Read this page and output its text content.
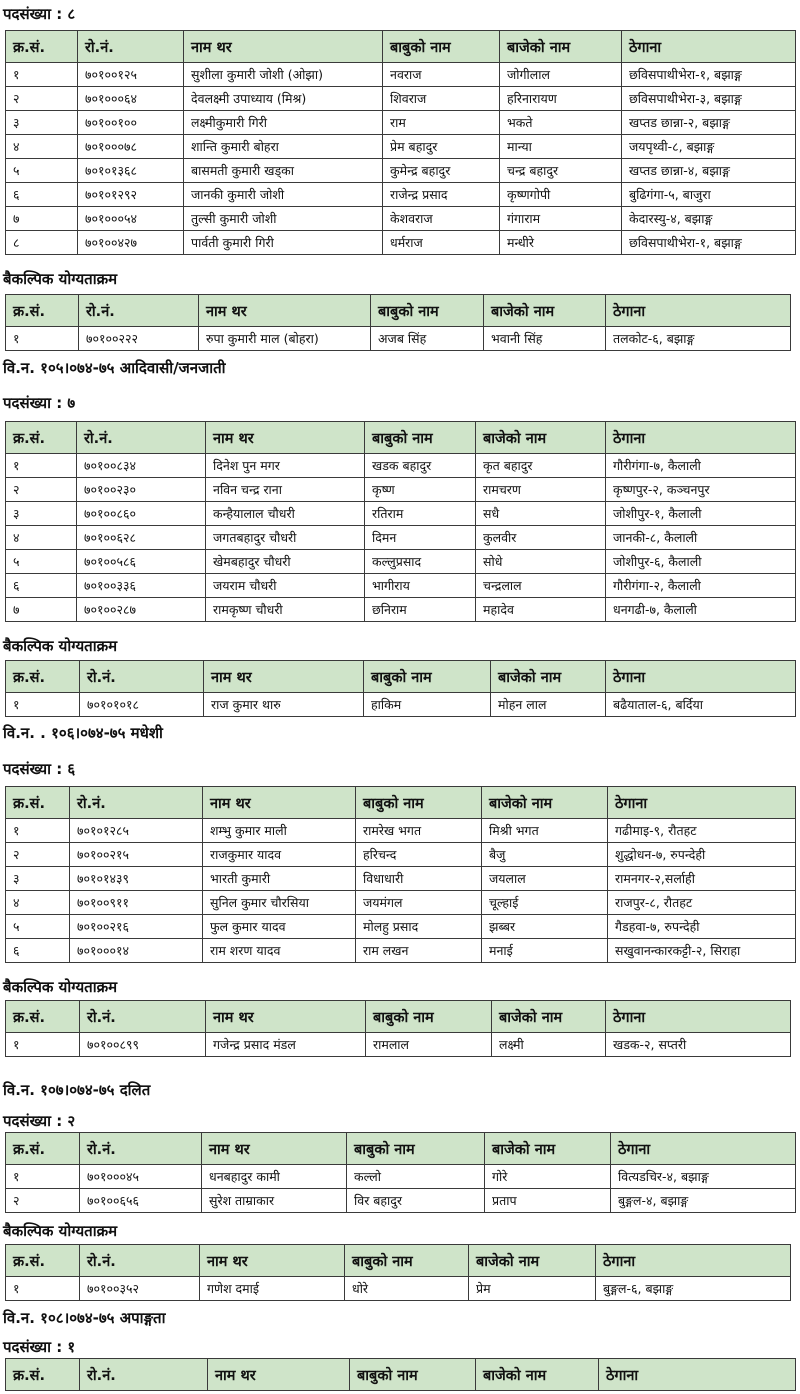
पदसंख्या : ८
क्र.सं.	रो.नं.	नाम थर	बाबुको नाम	बाजेको नाम	ठेगाना
१	७०१००१२५	सुशीला कुमारी जोशी (ओझा)	नवराज	जोगीलाल	छविसपाथीभेरा-१, बझाङ्ग
२	७०१०००६४	देवलक्ष्मी उपाध्याय (मिश्र)	शिवराज	हरिनारायण	छविसपाथीभेरा-३, बझाङ्ग
३	७०१००१००	लक्ष्मीकुमारी गिरी	राम	भकते	खप्तड छान्ना-२, बझाङ्ग
४	७०१०००७८	शान्ति कुमारी बोहरा	प्रेम बहादुर	मान्या	जयपृथ्वी-८, बझाङ्ग
५	७०१०१३६८	बासमती कुमारी खड्का	कुमेन्द्र बहादुर	चन्द्र बहादुर	खप्तड छान्ना-४, बझाङ्ग
६	७०१०१२९२	जानकी कुमारी जोशी	राजेन्द्र प्रसाद	कृष्णगोपी	बुढिगंगा-५, बाजुरा
७	७०१०००५४	तुल्सी कुमारी जोशी	केशवराज	गंगाराम	केदारस्यु-४, बझाङ्ग
८	७०१००४२७	पार्वती कुमारी गिरी	धर्मराज	मन्धीरे	छविसपाथीभेरा-१, बझाङ्ग
बैकल्पिक योग्यताक्रम
क्र.सं.	रो.नं.	नाम थर	बाबुको नाम	बाजेको नाम	ठेगाना
१	७०१००२२२	रुपा कुमारी माल (बोहरा)	अजब सिंह	भवानी सिंह	तलकोट-६, बझाङ्ग
वि.न. १०५।०७४-७५ आदिवासी/जनजाती
पदसंख्या : ७
क्र.सं.	रो.नं.	नाम थर	बाबुको नाम	बाजेको नाम	ठेगाना
१	७०१००८३४	दिनेश पुन मगर	खडक बहादुर	कृत बहादुर	गौरीगंगा-७, कैलाली
२	७०१००२३०	नविन चन्द्र राना	कृष्ण	रामचरण	कृष्णपुर-२, कञ्चनपुर
३	७०१००८६०	कन्हैयालाल चौधरी	रतिराम	सधै	जोशीपुर-१, कैलाली
४	७०१००६२८	जगतबहादुर चौधरी	दिमन	कुलवीर	जानकी-८, कैलाली
५	७०१००५८६	खेमबहादुर चौधरी	कल्लुप्रसाद	सोधे	जोशीपुर-६, कैलाली
६	७०१००३३६	जयराम चौधरी	भागीराय	चन्द्रलाल	गौरीगंगा-२, कैलाली
७	७०१००२८७	रामकृष्ण चौधरी	छनिराम	महादेव	धनगढी-७, कैलाली
बैकल्पिक योग्यताक्रम
क्र.सं.	रो.नं.	नाम थर	बाबुको नाम	बाजेको नाम	ठेगाना
१	७०१०१०१८	राज कुमार थारु	हाकिम	मोहन लाल	बढैयाताल-६, बर्दिया
वि.न. . १०६।०७४-७५ मधेशी
पदसंख्या : ६
क्र.सं.	रो.नं.	नाम थर	बाबुको नाम	बाजेको नाम	ठेगाना
१	७०१०१२८५	शम्भु कुमार माली	रामरेख भगत	मिश्री भगत	गढीमाइ-९, रौतहट
२	७०१००२१५	राजकुमार यादव	हरिचन्द	बैजु	शुद्धोधन-७, रुपन्देही
३	७०१०१४३९	भारती कुमारी	विधाधारी	जयलाल	रामनगर-२,सर्लाही
४	७०१००९११	सुनिल कुमार चौरसिया	जयमंगल	चूल्हाई	राजपुर-८, रौतहट
५	७०१००२१६	फुल कुमार यादव	मोलहु प्रसाद	झब्बर	गैडहवा-७, रुपन्देही
६	७०१०००१४	राम शरण यादव	राम लखन	मनाई	सखुवानन्कारकट्टी-२, सिराहा
बैकल्पिक योग्यताक्रम
क्र.सं.	रो.नं.	नाम थर	बाबुको नाम	बाजेको नाम	ठेगाना
१	७०१००८९९	गजेन्द्र प्रसाद मंडल	रामलाल	लक्ष्मी	खडक-२, सप्तरी
वि.न. १०७।०७४-७५ दलित
पदसंख्या : २
क्र.सं.	रो.नं.	नाम थर	बाबुको नाम	बाजेको नाम	ठेगाना
१	७०१०००४५	धनबहादुर कामी	कल्लो	गोरे	वित्यडचिर-४, बझाङ्ग
२	७०१००६५६	सुरेश ताम्राकार	विर बहादुर	प्रताप	बुङ्गल-४, बझाङ्ग
बैकल्पिक योग्यताक्रम
क्र.सं.	रो.नं.	नाम थर	बाबुको नाम	बाजेको नाम	ठेगाना
१	७०१००३५२	गणेश दमाई	धोरे	प्रेम	बुङ्गल-६, बझाङ्ग
वि.न. १०८।०७४-७५ अपाङ्गता
पदसंख्या : १
क्र.सं.	रो.नं.	नाम थर	बाबुको नाम	बाजेको नाम	ठेगाना
